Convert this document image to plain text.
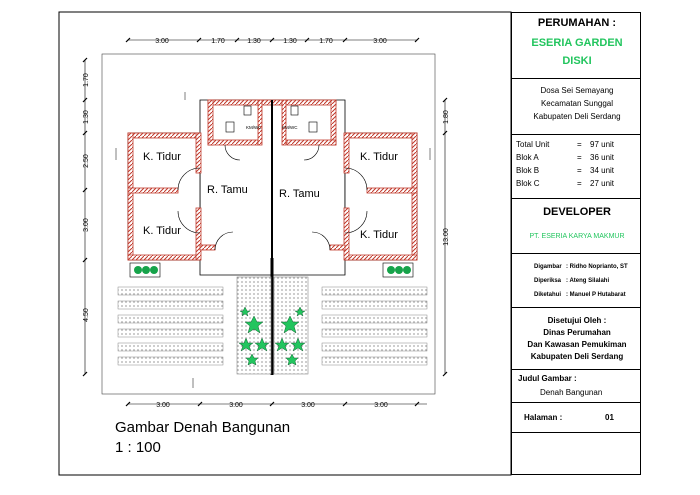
3.00	1.70	1.30	1.30	1.70	3.00
3.00	3.00	3.00	3.00
1.70
1.30
2.50
3.00
4.50
1.80
13.00
K. Tidur	K. Tidur
K. Tidur	K. Tidur
R. Tamu	R. Tamu
KM/WC	KM/WC
Gambar Denah Bangunan
1 : 100
PERUMAHAN :
ESERIA GARDEN
DISKI
Dosa Sei Semayang
Kecamatan Sunggal
Kabupaten Deli Serdang
Total Unit	= 97 unit
Blok A	= 36 unit
Blok B	= 34 unit
Blok C	= 27 unit
DEVELOPER
PT. ESERIA KARYA MAKMUR
Digambar : Ridho Noprianto, ST
Diperiksa : Ateng Silalahi
Diketahui : Manuel P Hutabarat
Disetujui Oleh :
Dinas Perumahan
Dan Kawasan Pemukiman
Kabupaten Deli Serdang
Judul Gambar :
Denah Bangunan
Halaman :	01
